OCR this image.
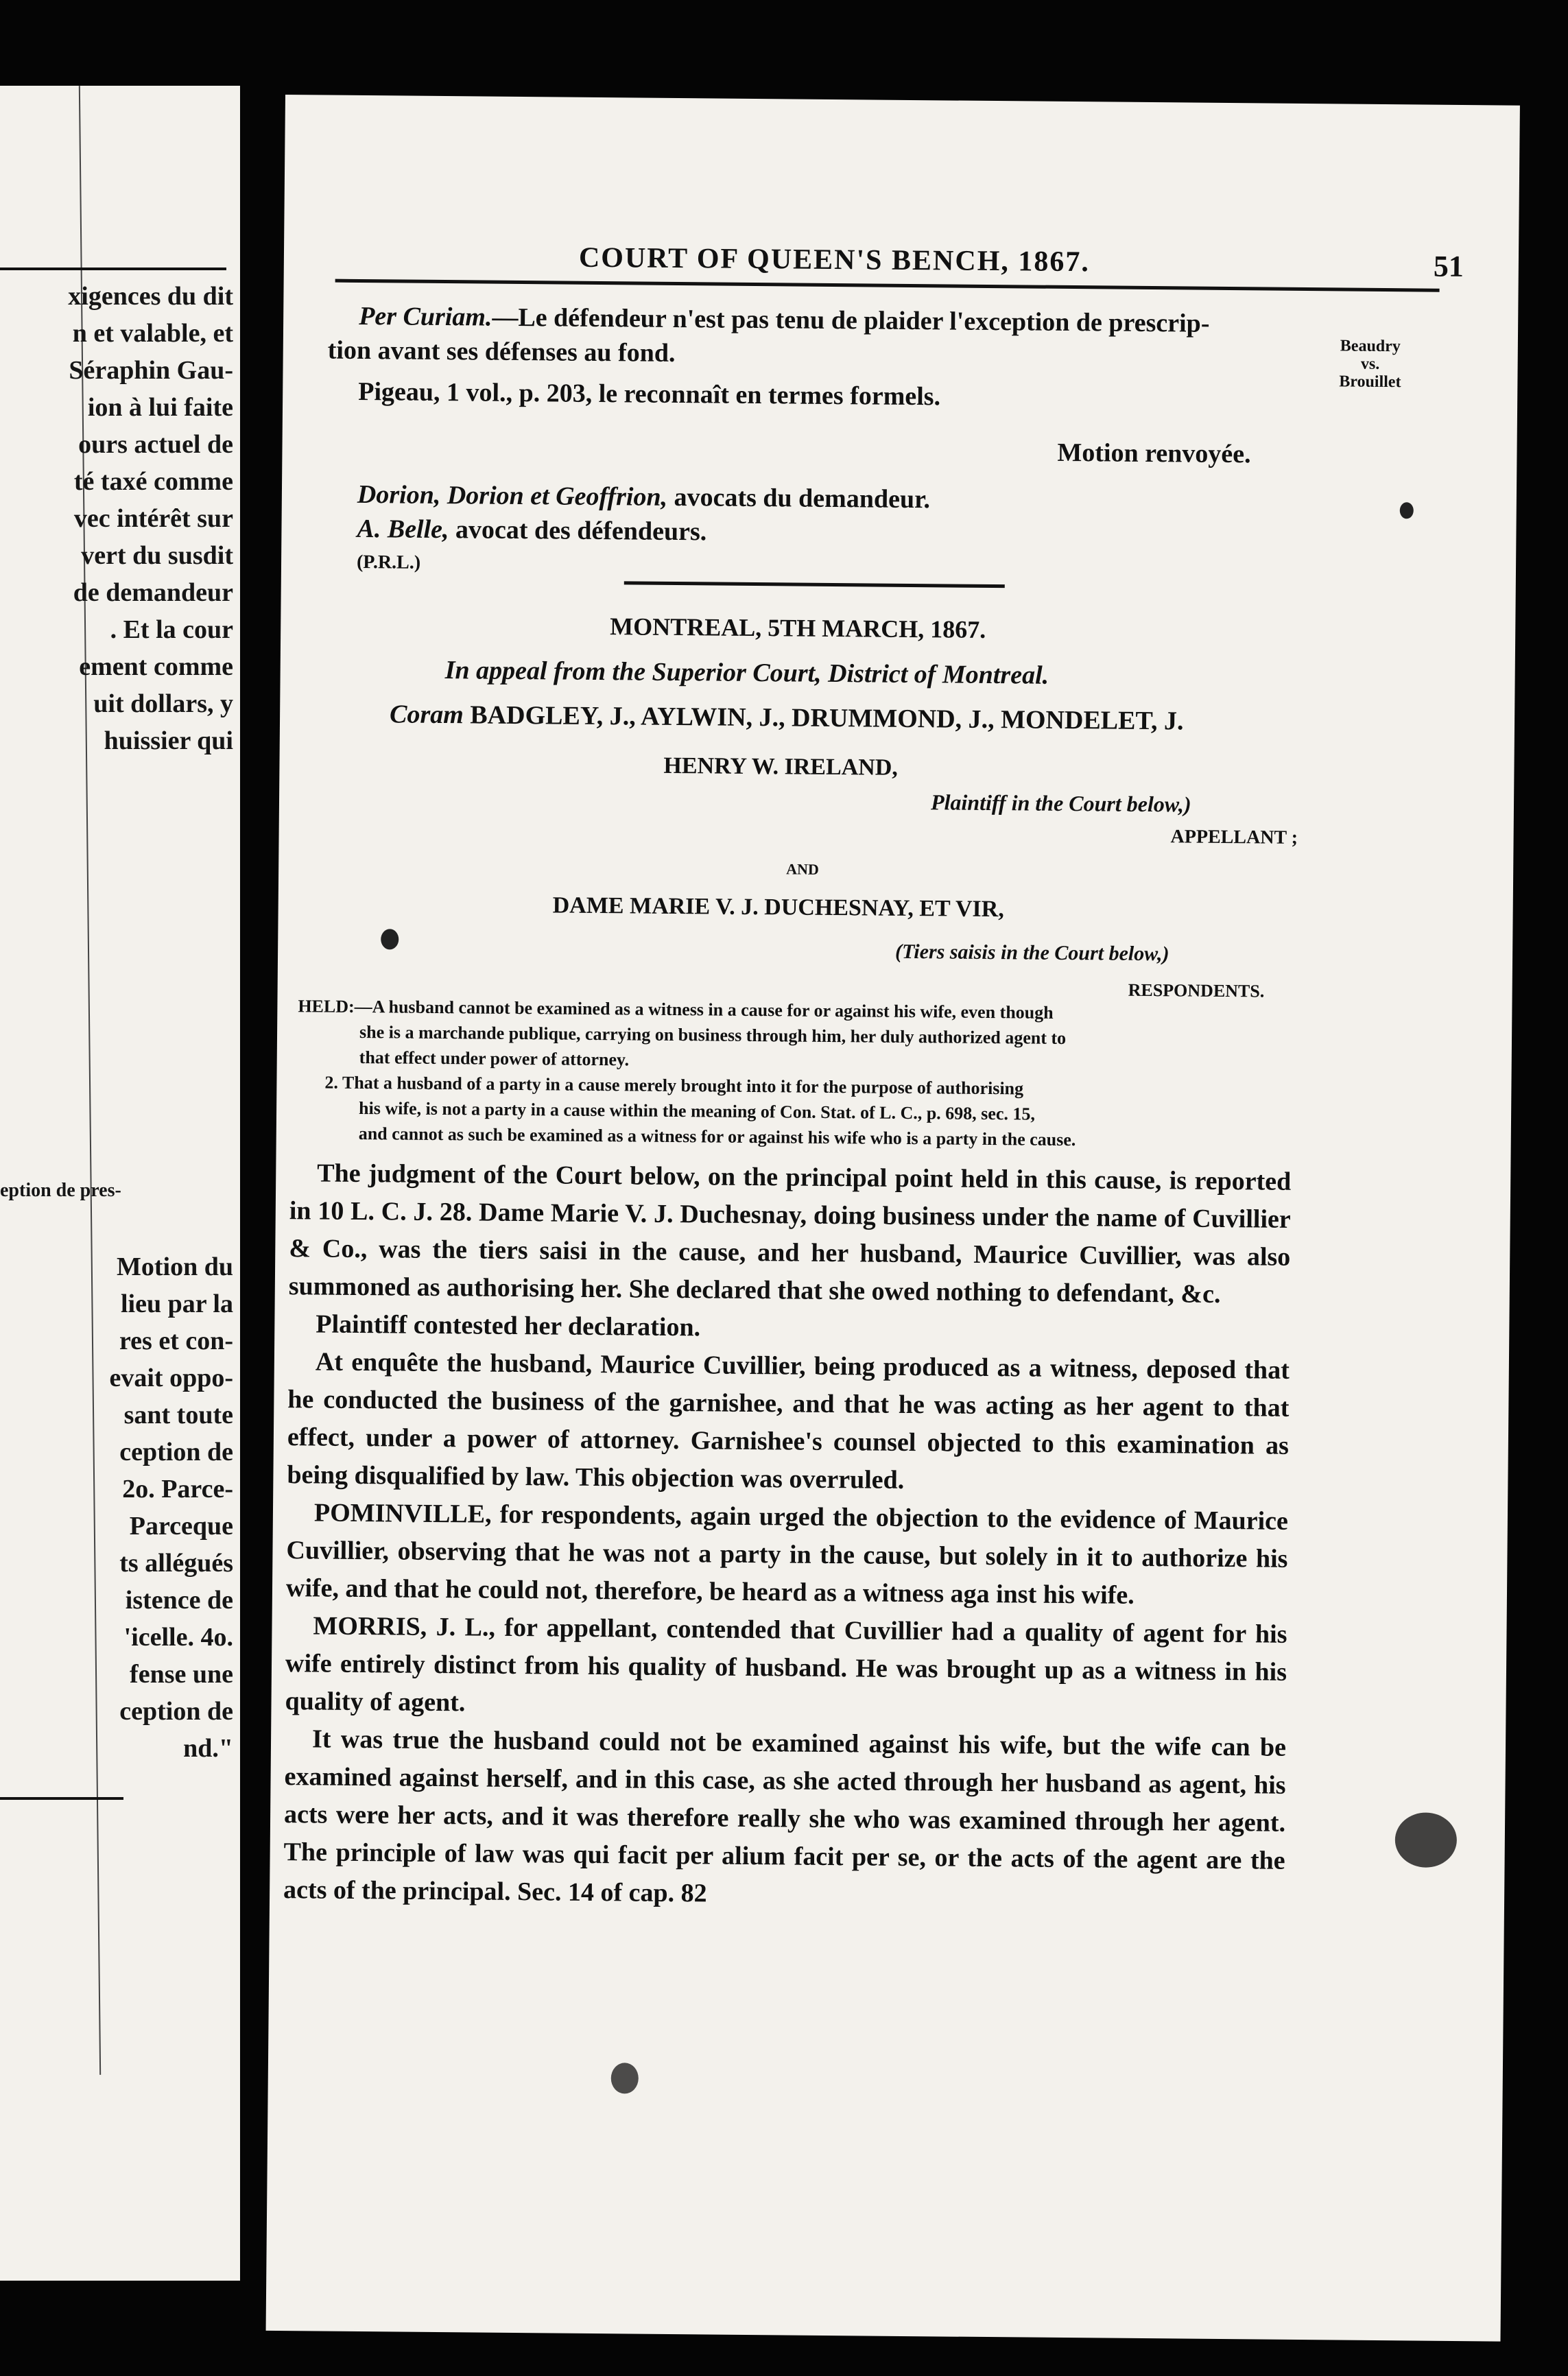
xigences du dit
n et valable, et
Séraphin Gau-
ion à lui faite
ours actuel de
té taxé comme
vec intérêt sur
vert du susdit
de demandeur
. Et la cour
ement comme
uit dollars, y
huissier qui
eption de pres-
Motion du
lieu par la
res et con-
evait oppo-
sant toute
ception de
2o. Parce-
Parceque
ts allégués
istence de
'icelle. 4o.
fense une
ception de
nd."
COURT OF QUEEN'S BENCH, 1867.	51
Beaudry
vs.
Brouillet
Per Curiam.—Le défendeur n'est pas tenu de plaider l'exception de prescrip-
tion avant ses défenses au fond.
Pigeau, 1 vol., p. 203, le reconnaît en termes formels.
Motion renvoyée.
Dorion, Dorion et Geoffrion, avocats du demandeur.
A. Belle, avocat des défendeurs.
(P.R.L.)
MONTREAL, 5TH MARCH, 1867.
In appeal from the Superior Court, District of Montreal.
Coram BADGLEY, J., AYLWIN, J., DRUMMOND, J., MONDELET, J.
HENRY W. IRELAND,
Plaintiff in the Court below,)
APPELLANT ;
AND
DAME MARIE V. J. DUCHESNAY, ET VIR,
(Tiers saisis in the Court below,)
RESPONDENTS.

HELD:—A husband cannot be examined as a witness in a cause for or against his wife, even though

she is a marchande publique, carrying on business through him, her duly authorized agent to

that effect under power of attorney.

2. That a husband of a party in a cause merely brought into it for the purpose of authorising

his wife, is not a party in a cause within the meaning of Con. Stat. of L. C., p. 698, sec. 15,

and cannot as such be examined as a witness for or against his wife who is a party in the cause.

The judgment of the Court below, on the principal point held in this cause, is reported in 10 L. C. J. 28. Dame Marie V. J. Duchesnay, doing business under the name of Cuvillier & Co., was the tiers saisi in the cause, and her husband, Maurice Cuvillier, was also summoned as authorising her. She declared that she owed nothing to defendant, &c.

Plaintiff contested her declaration.

At enquête the husband, Maurice Cuvillier, being produced as a witness, deposed that he conducted the business of the garnishee, and that he was acting as her agent to that effect, under a power of attorney. Garnishee's counsel objected to this examination as being disqualified by law. This objection was overruled.

POMINVILLE, for respondents, again urged the objection to the evidence of Maurice Cuvillier, observing that he was not a party in the cause, but solely in it to authorize his wife, and that he could not, therefore, be heard as a witness aga inst his wife.

MORRIS, J. L., for appellant, contended that Cuvillier had a quality of agent for his wife entirely distinct from his quality of husband. He was brought up as a witness in his quality of agent.

It was true the husband could not be examined against his wife, but the wife can be examined against herself, and in this case, as she acted through her husband as agent, his acts were her acts, and it was therefore really she who was examined through her agent. The principle of law was qui facit per alium facit per se, or the acts of the agent are the acts of the principal. Sec. 14 of cap. 82
